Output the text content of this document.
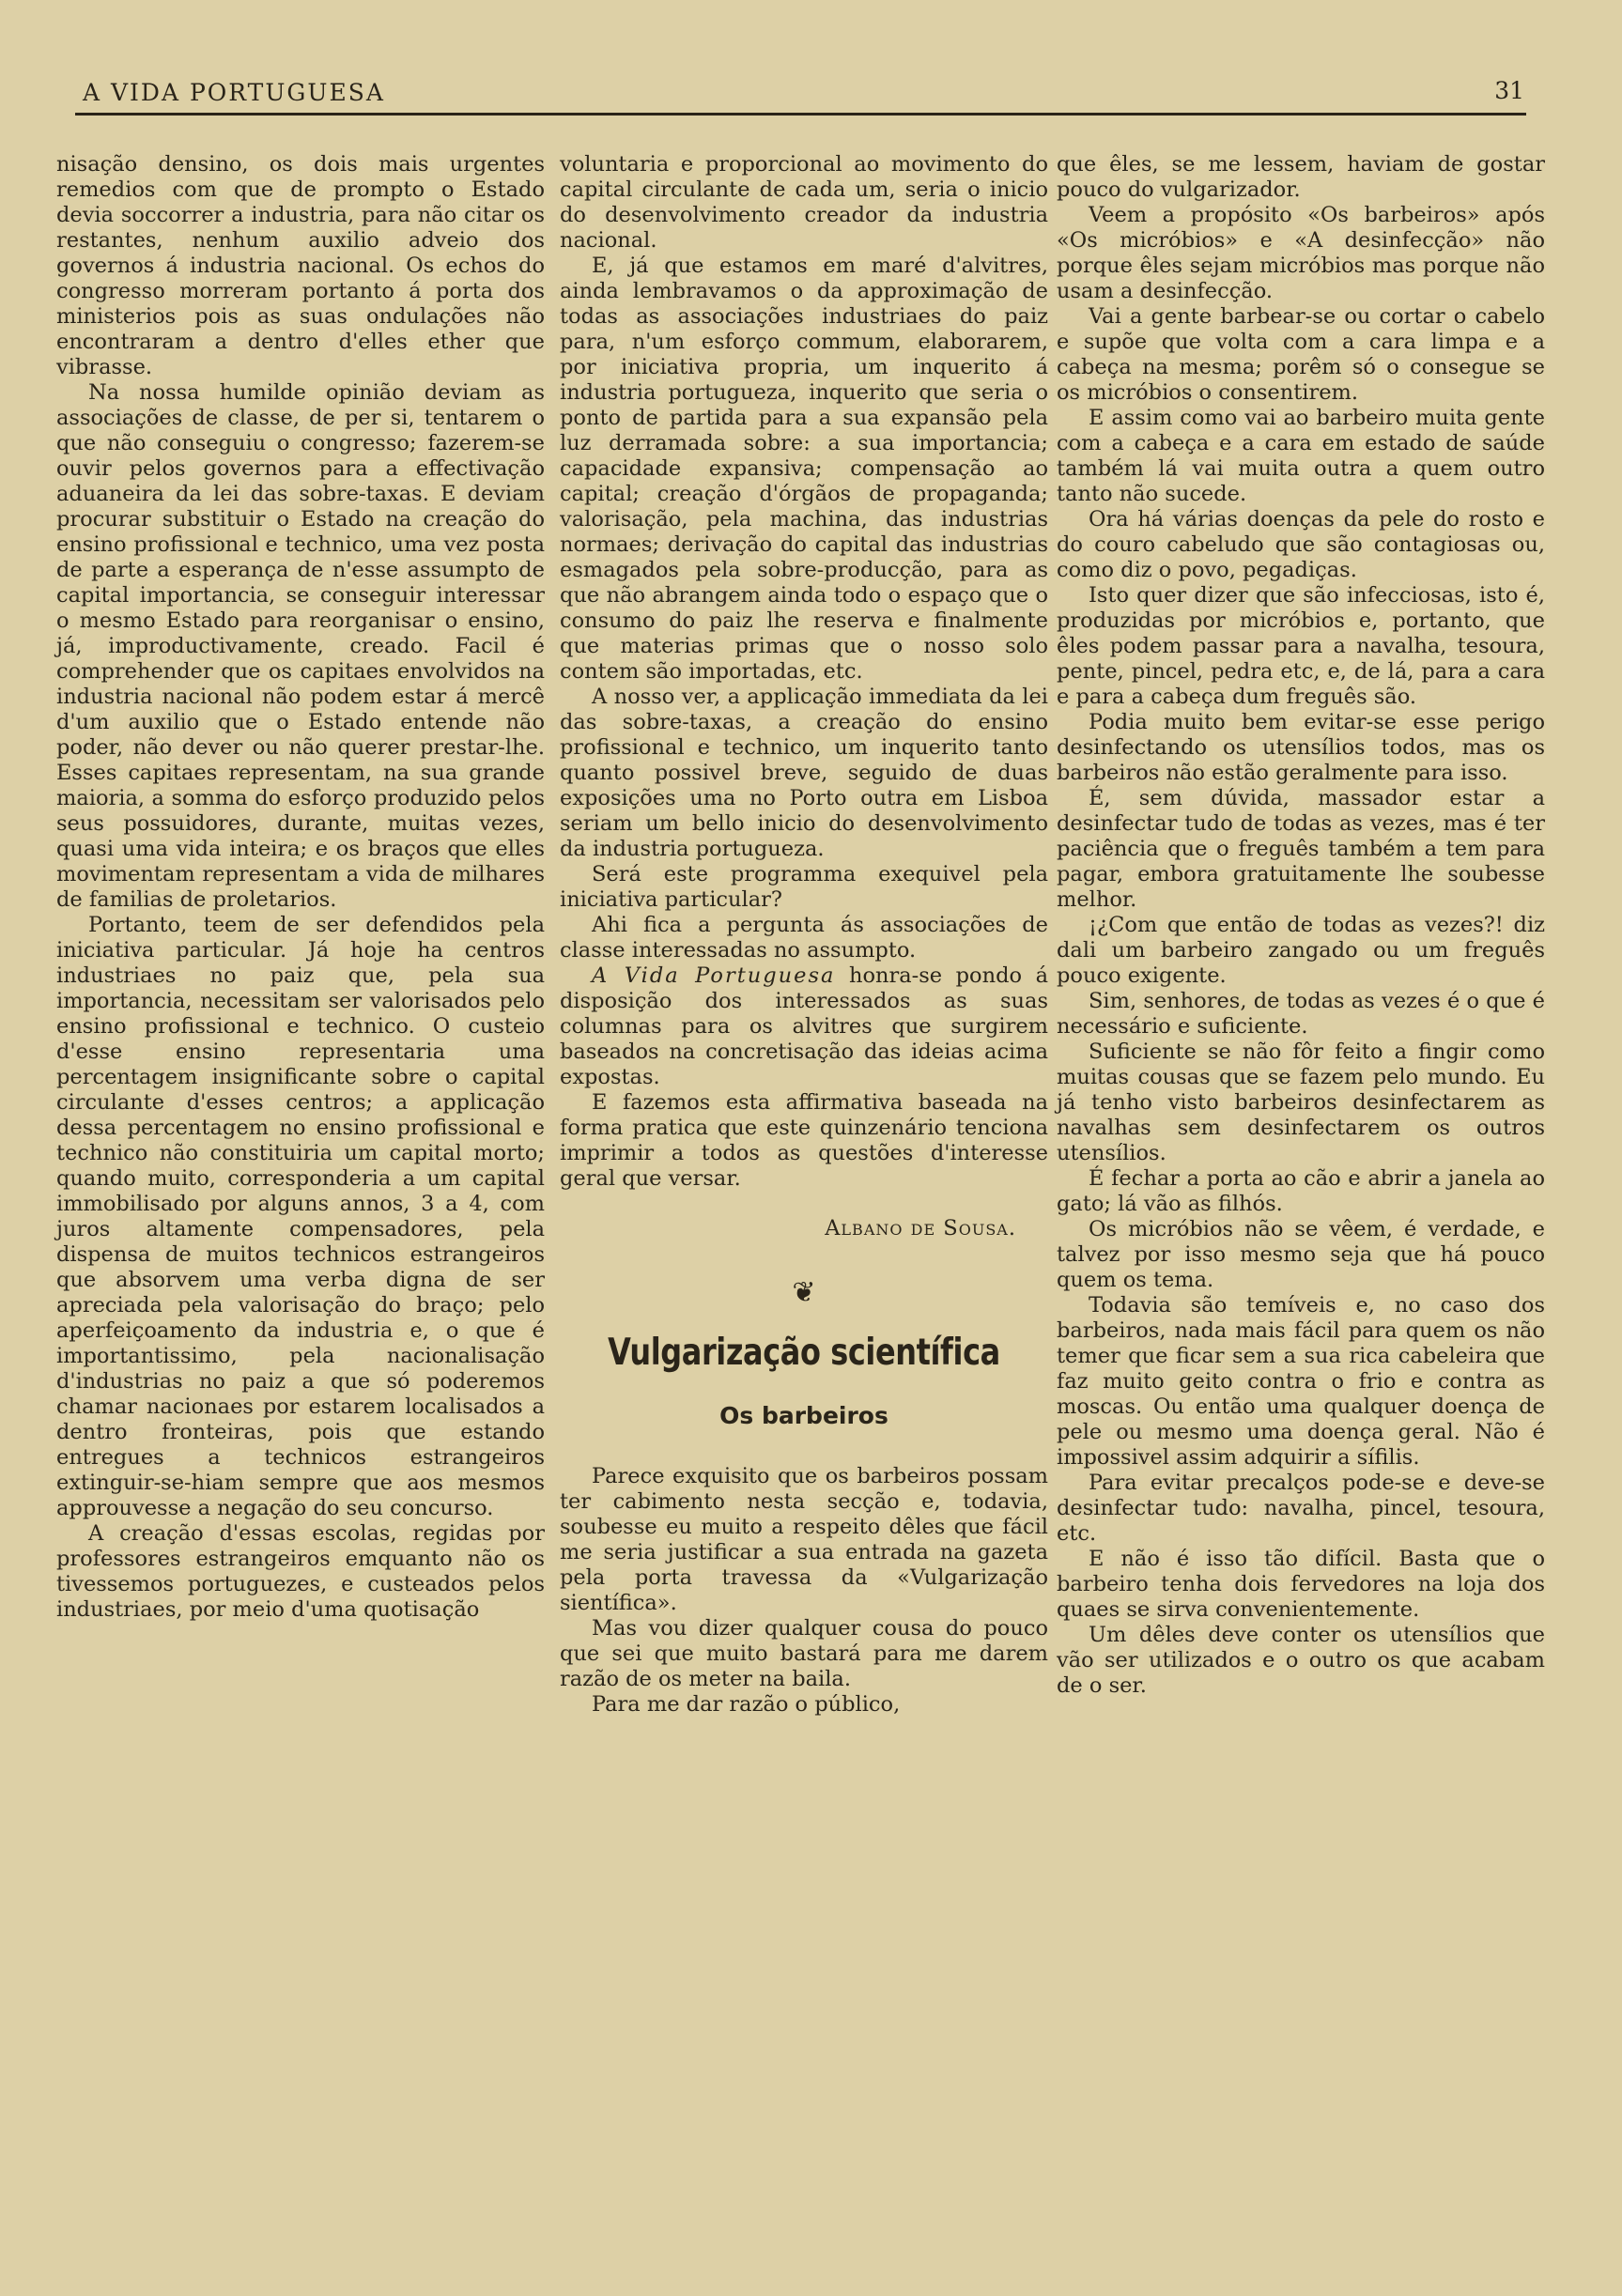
A VIDA PORTUGUESA	31

nisação densino, os dois mais urgentes remedios com que de prompto o Estado devia soccorrer a industria, para não citar os restantes, nenhum auxilio adveio dos governos á industria nacional. Os echos do congresso morreram portanto á porta dos ministerios pois as suas ondulações não encontraram a dentro d'elles ether que vibrasse.

Na nossa humilde opinião deviam as associações de classe, de per si, tentarem o que não conseguiu o congresso; fazerem-se ouvir pelos governos para a effectivação aduaneira da lei das sobre-taxas. E deviam procurar substituir o Estado na creação do ensino profissional e technico, uma vez posta de parte a esperança de n'esse assumpto de capital importancia, se conseguir interessar o mesmo Estado para reorganisar o ensino, já, improductivamente, creado. Facil é comprehender que os capitaes envolvidos na industria nacional não podem estar á mercê d'um auxilio que o Estado entende não poder, não dever ou não querer prestar-lhe. Esses capitaes representam, na sua grande maioria, a somma do esforço produzido pelos seus possuidores, durante, muitas vezes, quasi uma vida inteira; e os braços que elles movimentam representam a vida de milhares de familias de proletarios.

Portanto, teem de ser defendidos pela iniciativa particular. Já hoje ha centros industriaes no paiz que, pela sua importancia, necessitam ser valorisados pelo ensino profissional e technico. O custeio d'esse ensino representaria uma percentagem insignificante sobre o capital circulante d'esses centros; a applicação dessa percentagem no ensino profissional e technico não constituiria um capital morto; quando muito, corresponderia a um capital immobilisado por alguns annos, 3 a 4, com juros altamente compensadores, pela dispensa de muitos technicos estrangeiros que absorvem uma verba digna de ser apreciada pela valorisação do braço; pelo aperfeiçoamento da industria e, o que é importantissimo, pela nacionalisação d'industrias no paiz a que só poderemos chamar nacionaes por estarem localisados a dentro fronteiras, pois que estando entregues a technicos estrangeiros extinguir-se-hiam sempre que aos mesmos approuvesse a negação do seu concurso.

A creação d'essas escolas, regidas por professores estrangeiros emquanto não os tivessemos portuguezes, e custeados pelos industriaes, por meio d'uma quotisação

voluntaria e proporcional ao movimento do capital circulante de cada um, seria o inicio do desenvolvimento creador da industria nacional.

E, já que estamos em maré d'alvitres, ainda lembravamos o da approximação de todas as associações industriaes do paiz para, n'um esforço commum, elaborarem, por iniciativa propria, um inquerito á industria portugueza, inquerito que seria o ponto de partida para a sua expansão pela luz derramada sobre: a sua importancia; capacidade expansiva; compensação ao capital; creação d'órgãos de propaganda; valorisação, pela machina, das industrias normaes; derivação do capital das industrias esmagados pela sobre-producção, para as que não abrangem ainda todo o espaço que o consumo do paiz lhe reserva e finalmente que materias primas que o nosso solo contem são importadas, etc.

A nosso ver, a applicação immediata da lei das sobre-taxas, a creação do ensino profissional e technico, um inquerito tanto quanto possivel breve, seguido de duas exposições uma no Porto outra em Lisboa seriam um bello inicio do desenvolvimento da industria portugueza.

Será este programma exequivel pela iniciativa particular?

Ahi fica a pergunta ás associações de classe interessadas no assumpto.

A Vida Portuguesa honra-se pondo á disposição dos interessados as suas columnas para os alvitres que surgirem baseados na concretisação das ideias acima expostas.

E fazemos esta affirmativa baseada na forma pratica que este quinzenário tenciona imprimir a todos as questões d'interesse geral que versar.

Albano de Sousa.
❦
Vulgarização scientífica
Os barbeiros

Parece exquisito que os barbeiros possam ter cabimento nesta secção e, todavia, soubesse eu muito a respeito dêles que fácil me seria justificar a sua entrada na gazeta pela porta travessa da «Vulgarização sientífica».

Mas vou dizer qualquer cousa do pouco que sei que muito bastará para me darem razão de os meter na baila.

Para me dar razão o público,

que êles, se me lessem, haviam de gostar pouco do vulgarizador.

Veem a propósito «Os barbeiros» após «Os micróbios» e «A desinfecção» não porque êles sejam micróbios mas porque não usam a desinfecção.

Vai a gente barbear-se ou cortar o cabelo e supõe que volta com a cara limpa e a cabeça na mesma; porêm só o consegue se os micróbios o consentirem.

E assim como vai ao barbeiro muita gente com a cabeça e a cara em estado de saúde também lá vai muita outra a quem outro tanto não sucede.

Ora há várias doenças da pele do rosto e do couro cabeludo que são contagiosas ou, como diz o povo, pegadiças.

Isto quer dizer que são infecciosas, isto é, produzidas por micróbios e, portanto, que êles podem passar para a navalha, tesoura, pente, pincel, pedra etc, e, de lá, para a cara e para a cabeça dum freguês são.

Podia muito bem evitar-se esse perigo desinfectando os utensílios todos, mas os barbeiros não estão geralmente para isso.

É, sem dúvida, massador estar a desinfectar tudo de todas as vezes, mas é ter paciência que o freguês também a tem para pagar, embora gratuitamente lhe soubesse melhor.

¡¿Com que então de todas as vezes?! diz dali um barbeiro zangado ou um freguês pouco exigente.

Sim, senhores, de todas as vezes é o que é necessário e suficiente.

Suficiente se não fôr feito a fingir como muitas cousas que se fazem pelo mundo. Eu já tenho visto barbeiros desinfectarem as navalhas sem desinfectarem os outros utensílios.

É fechar a porta ao cão e abrir a janela ao gato; lá vão as filhós.

Os micróbios não se vêem, é verdade, e talvez por isso mesmo seja que há pouco quem os tema.

Todavia são temíveis e, no caso dos barbeiros, nada mais fácil para quem os não temer que ficar sem a sua rica cabeleira que faz muito geito contra o frio e contra as moscas. Ou então uma qualquer doença de pele ou mesmo uma doença geral. Não é impossivel assim adquirir a sífilis.

Para evitar precalços pode-se e deve-se desinfectar tudo: navalha, pincel, tesoura, etc.

E não é isso tão difícil. Basta que o barbeiro tenha dois fervedores na loja dos quaes se sirva convenientemente.

Um dêles deve conter os utensílios que vão ser utilizados e o outro os que acabam de o ser.
